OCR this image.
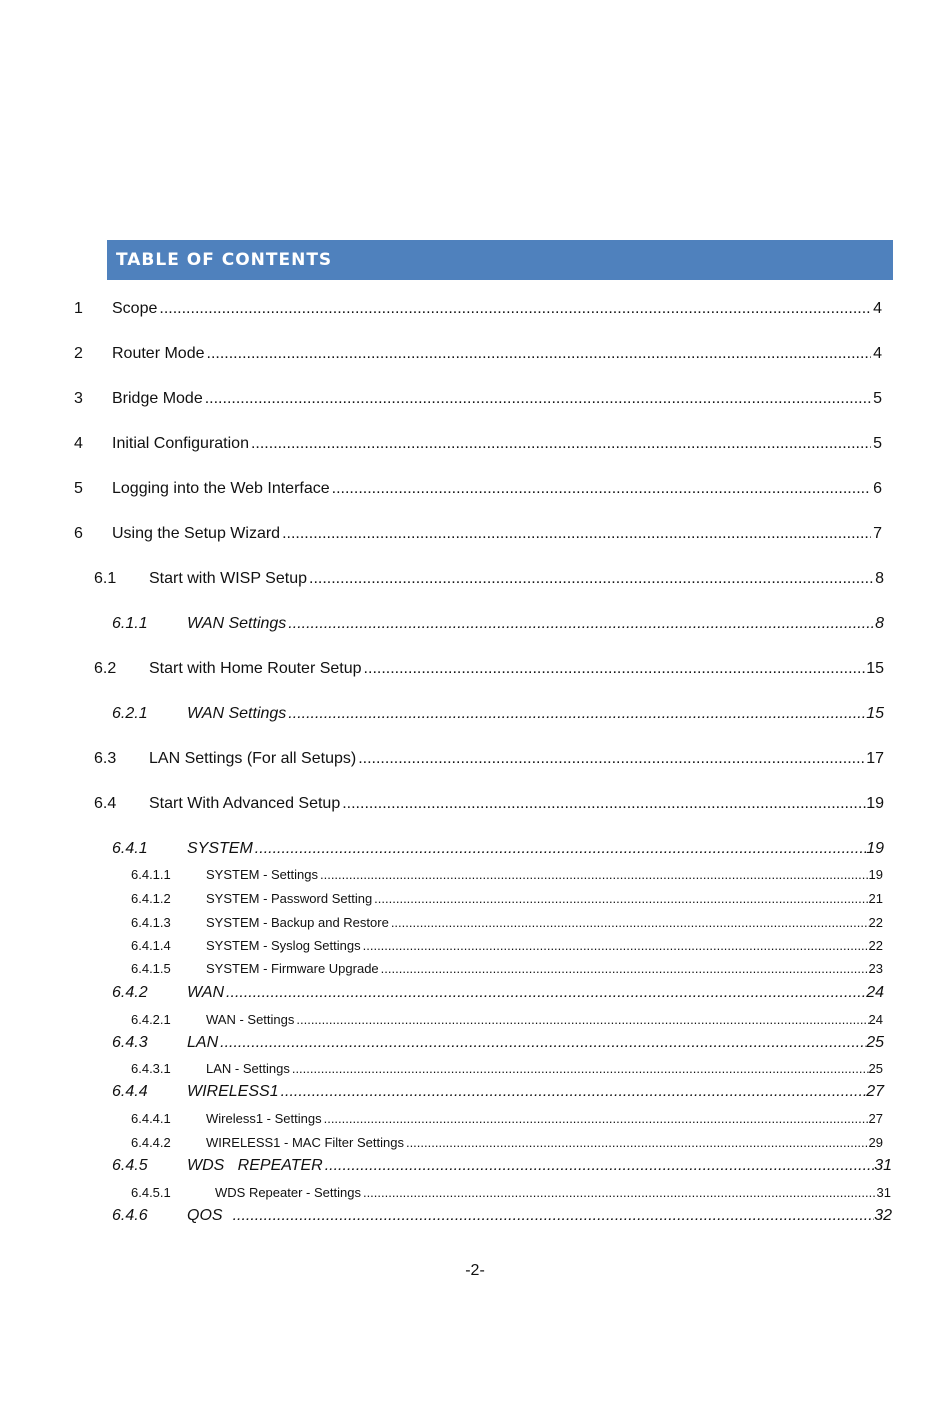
TABLE OF CONTENTS
1	Scope .....	4
2	Router Mode .....	4
3	Bridge Mode .....	5
4	Initial Configuration .....	5
5	Logging into the Web Interface .....	6
6	Using the Setup Wizard .....	7
6.1	Start with WISP Setup .....	8
6.1.1	WAN Settings .....	8
6.2	Start with Home Router Setup .....	15
6.2.1	WAN Settings .....	15
6.3	LAN Settings (For all Setups) .....	17
6.4	Start With Advanced Setup .....	19
6.4.1	SYSTEM .....	19
6.4.1.1	SYSTEM - Settings .....	19
6.4.1.2	SYSTEM - Password Setting .....	21
6.4.1.3	SYSTEM - Backup and Restore .....	22
6.4.1.4	SYSTEM - Syslog Settings .....	22
6.4.1.5	SYSTEM - Firmware Upgrade .....	23
6.4.2	WAN .....	24
6.4.2.1	WAN - Settings .....	24
6.4.3	LAN .....	25
6.4.3.1	LAN - Settings .....	25
6.4.4	WIRELESS1 .....	27
6.4.4.1	Wireless1 - Settings .....	27
6.4.4.2	WIRELESS1 - MAC Filter Settings .....	29
6.4.5	WDS   REPEATER .....	31
6.4.5.1	WDS Repeater - Settings .....	31
6.4.6	QOS .....	32
-2-
